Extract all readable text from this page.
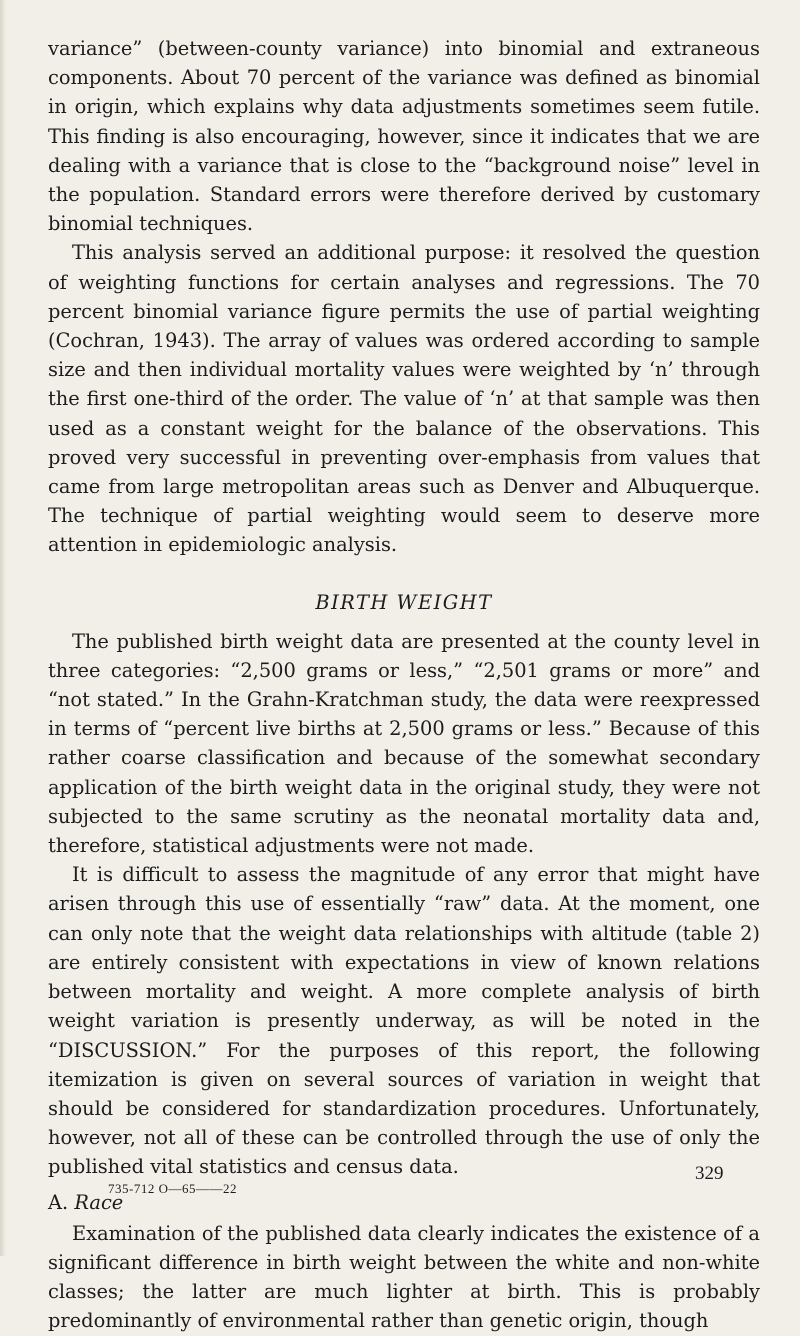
variance” (between-county variance) into binomial and extraneous components. About 70 percent of the variance was defined as binomial in origin, which explains why data adjustments sometimes seem futile. This finding is also encouraging, however, since it indicates that we are dealing with a variance that is close to the “background noise” level in the population. Standard errors were therefore derived by customary binomial techniques.

This analysis served an additional purpose: it resolved the question of weighting functions for certain analyses and regressions. The 70 percent binomial variance figure permits the use of partial weighting (Cochran, 1943). The array of values was ordered according to sample size and then individual mortality values were weighted by ‘n’ through the first one-third of the order. The value of ‘n’ at that sample was then used as a constant weight for the balance of the observations. This proved very successful in preventing over-emphasis from values that came from large metropolitan areas such as Denver and Albuquerque. The technique of partial weighting would seem to deserve more attention in epidemiologic analysis.

BIRTH WEIGHT

The published birth weight data are presented at the county level in three categories: “2,500 grams or less,” “2,501 grams or more” and “not stated.” In the Grahn-Kratchman study, the data were reexpressed in terms of “percent live births at 2,500 grams or less.” Because of this rather coarse classification and because of the somewhat secondary application of the birth weight data in the original study, they were not subjected to the same scrutiny as the neonatal mortality data and, therefore, statistical adjustments were not made.

It is difficult to assess the magnitude of any error that might have arisen through this use of essentially “raw” data. At the moment, one can only note that the weight data relationships with altitude (table 2) are entirely consistent with expectations in view of known relations between mortality and weight. A more complete analysis of birth weight variation is presently underway, as will be noted in the “DISCUSSION.” For the purposes of this report, the following itemization is given on several sources of variation in weight that should be considered for standardization procedures. Unfortunately, however, not all of these can be controlled through the use of only the published vital statistics and census data.

A. Race

Examination of the published data clearly indicates the existence of a significant difference in birth weight between the white and non-white classes; the latter are much lighter at birth. This is probably predominantly of environmental rather than genetic origin, though

735-712 O—65——22
329
